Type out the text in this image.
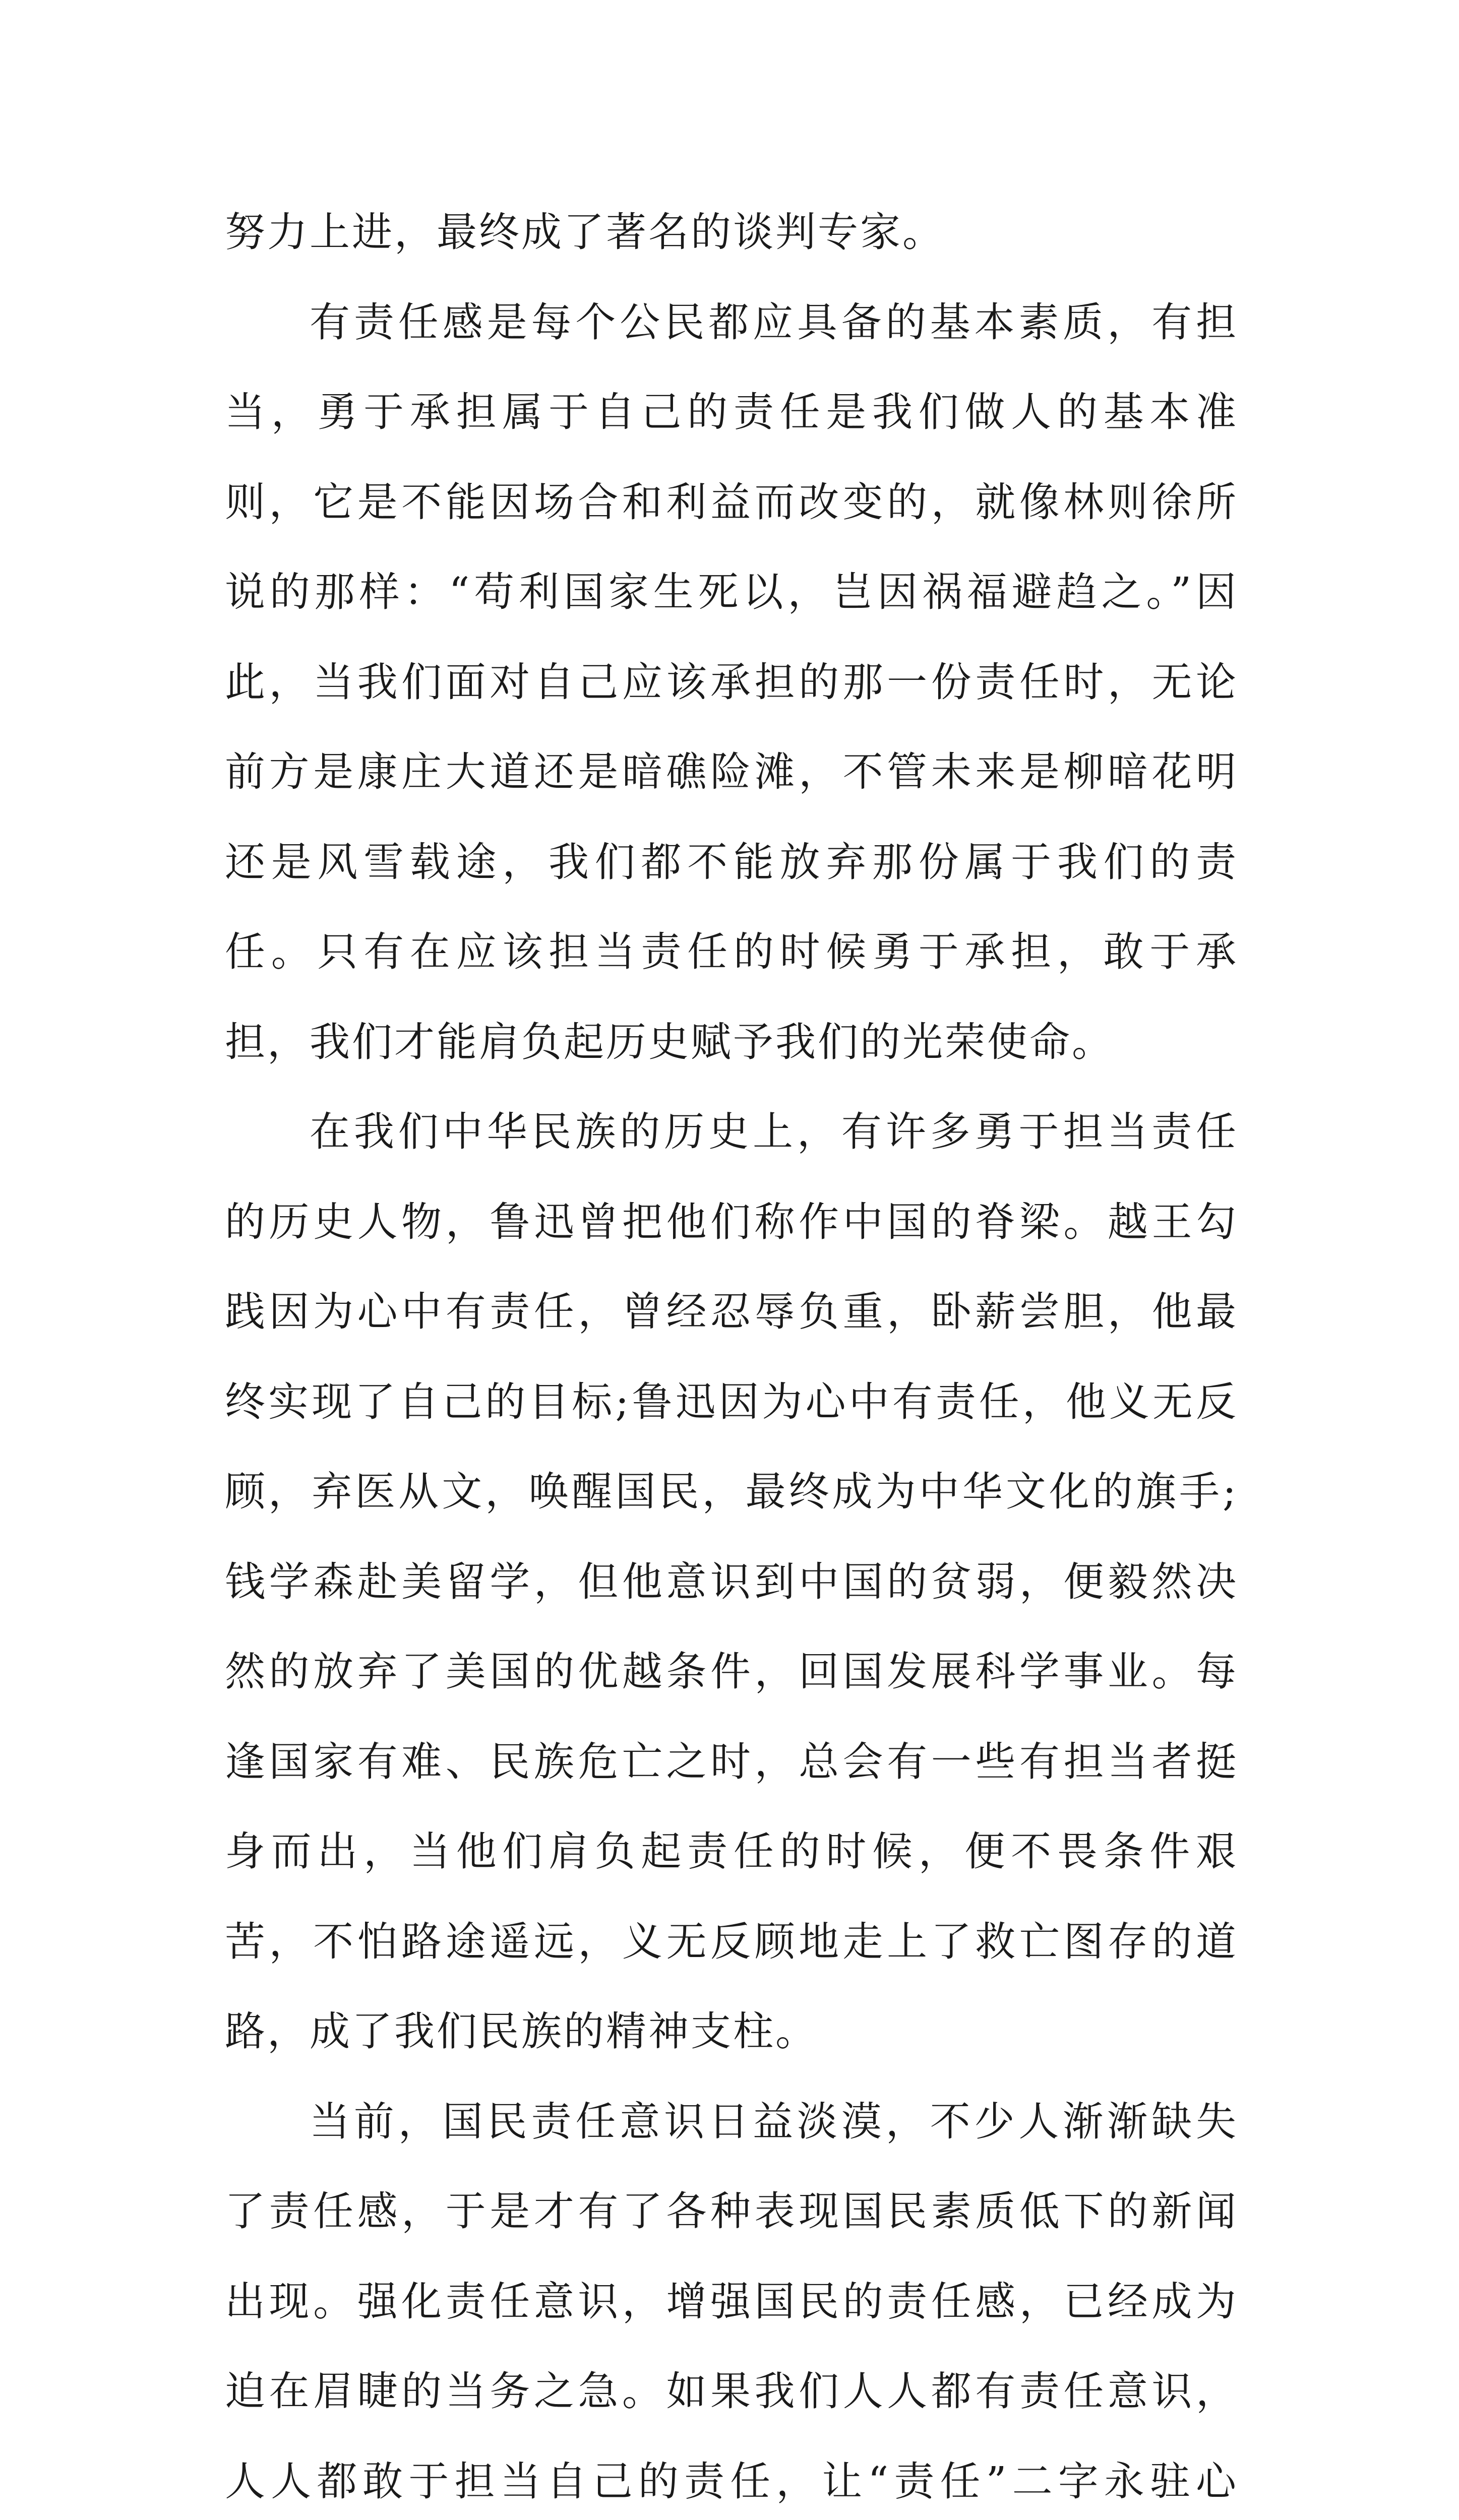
努力上进，最终成了著名的谈判专家。

有责任感是每个公民都应具备的基本素质，有担当，勇于承担属于自己的责任是我们做人的基本准则，它是不能因场合和利益而改变的，就像林则徐所说的那样：“苟利国家生死以，岂因祸福避趋之。”因此，当我们面对自己应该承担的那一份责任时，无论前方是康庄大道还是暗礁险滩，不管未来是柳暗花明还是风雪载途，我们都不能放弃那份属于我们的责任。只有在应该担当责任的时候勇于承担，敢于承担，我们才能肩负起历史赋予我们的光荣使命。

在我们中华民族的历史上，有许多勇于担当责任的历史人物，鲁迅曾把他们称作中国的脊梁。越王勾践因为心中有责任，曾经忍辱负重，卧薪尝胆，他最终实现了自己的目标;鲁迅因为心中有责任，他义无反顾，弃医从文，唤醒国民，最终成为中华文化的旗手;钱学森赴美留学，但他意识到中国的贫弱，便毅然决然的放弃了美国的优越条件，回国发展科学事业。每逢国家有难、民族危亡之时，总会有一些有担当者挺身而出，当他们肩负起责任的时候，便不畏条件艰苦，不怕路途遥远，义无反顾地走上了救亡图存的道路，成了我们民族的精神支柱。

当前，国民责任意识日益淡漠，不少人渐渐缺失了责任感，于是才有了各种表现国民素质低下的新闻出现。强化责任意识，增强国民的责任感，已经成为迫在眉睫的当务之急。如果我们人人都有责任意识，人人都敢于担当自己的责任，让“责任”二字永驻心
